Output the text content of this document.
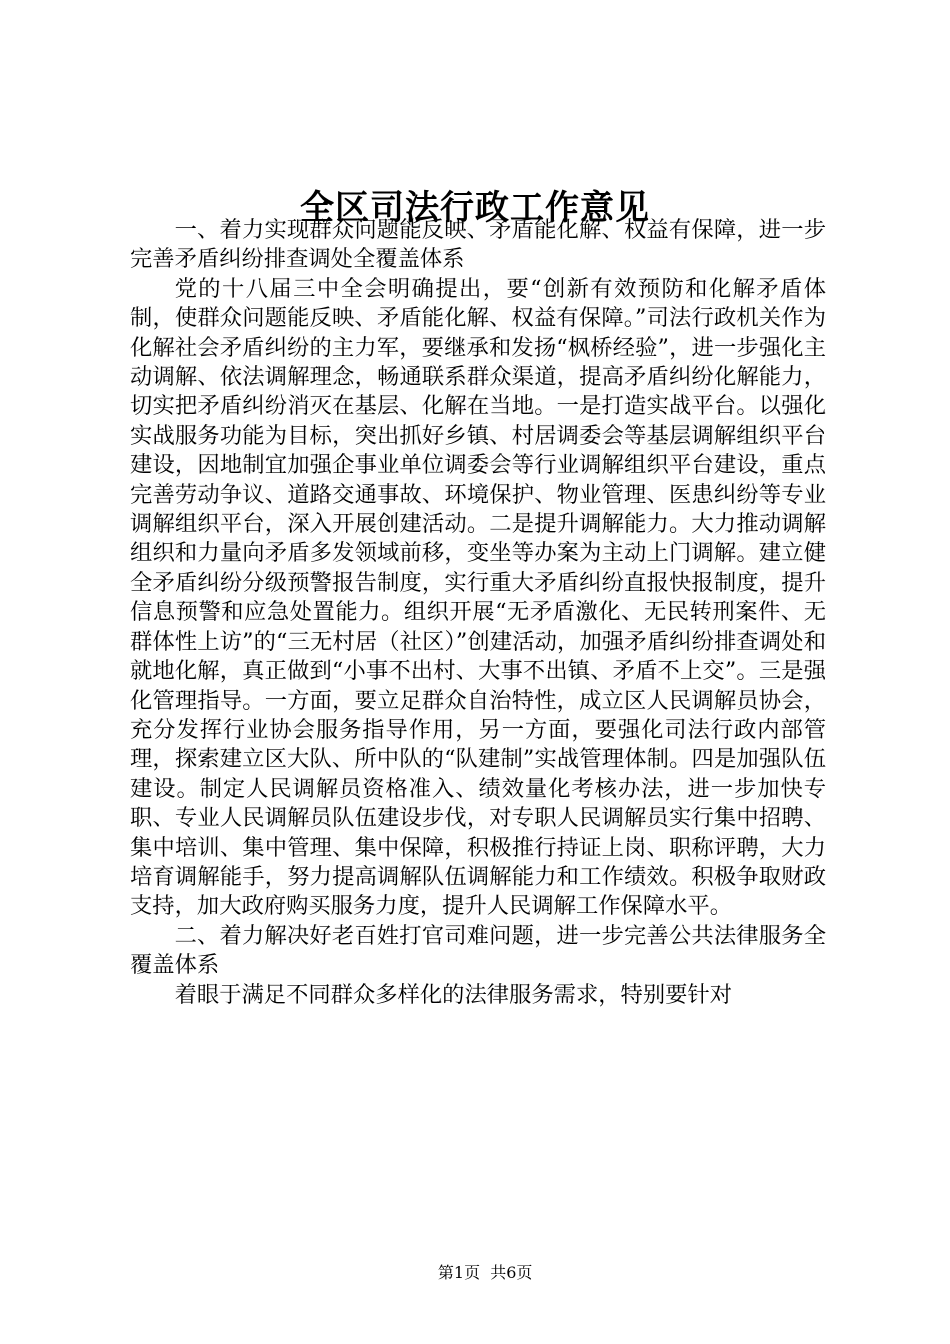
全区司法行政工作意见

一、着力实现群众问题能反映、矛盾能化解、权益有保障，进一步完善矛盾纠纷排查调处全覆盖体系

党的十八届三中全会明确提出，要“创新有效预防和化解矛盾体制，使群众问题能反映、矛盾能化解、权益有保障。”司法行政机关作为化解社会矛盾纠纷的主力军，要继承和发扬“枫桥经验”，进一步强化主动调解、依法调解理念，畅通联系群众渠道，提高矛盾纠纷化解能力，切实把矛盾纠纷消灭在基层、化解在当地。一是打造实战平台。以强化实战服务功能为目标，突出抓好乡镇、村居调委会等基层调解组织平台建设，因地制宜加强企事业单位调委会等行业调解组织平台建设，重点完善劳动争议、道路交通事故、环境保护、物业管理、医患纠纷等专业调解组织平台，深入开展创建活动。二是提升调解能力。大力推动调解组织和力量向矛盾多发领域前移，变坐等办案为主动上门调解。建立健全矛盾纠纷分级预警报告制度，实行重大矛盾纠纷直报快报制度，提升信息预警和应急处置能力。组织开展“无矛盾激化、无民转刑案件、无群体性上访”的“三无村居（社区）”创建活动，加强矛盾纠纷排查调处和就地化解，真正做到“小事不出村、大事不出镇、矛盾不上交”。三是强化管理指导。一方面，要立足群众自治特性，成立区人民调解员协会，充分发挥行业协会服务指导作用，另一方面，要强化司法行政内部管理，探索建立区大队、所中队的“队建制”实战管理体制。四是加强队伍建设。制定人民调解员资格准入、绩效量化考核办法，进一步加快专职、专业人民调解员队伍建设步伐，对专职人民调解员实行集中招聘、集中培训、集中管理、集中保障，积极推行持证上岗、职称评聘，大力培育调解能手，努力提高调解队伍调解能力和工作绩效。积极争取财政支持，加大政府购买服务力度，提升人民调解工作保障水平。

二、着力解决好老百姓打官司难问题，进一步完善公共法律服务全覆盖体系

着眼于满足不同群众多样化的法律服务需求，特别要针对

第1页  共6页
